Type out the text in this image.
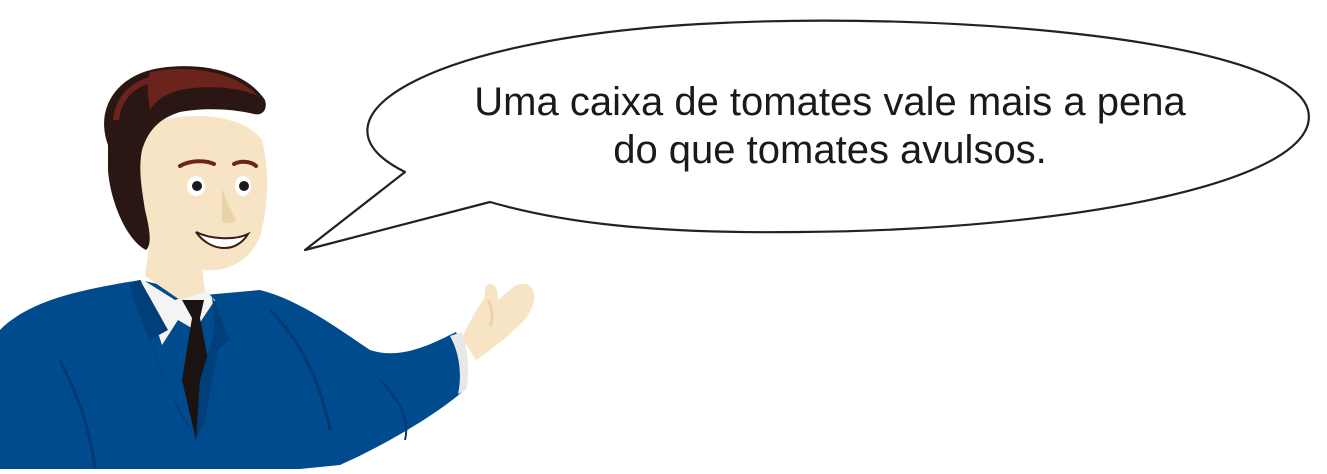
Uma caixa de tomates vale mais a pena
do que tomates avulsos.
